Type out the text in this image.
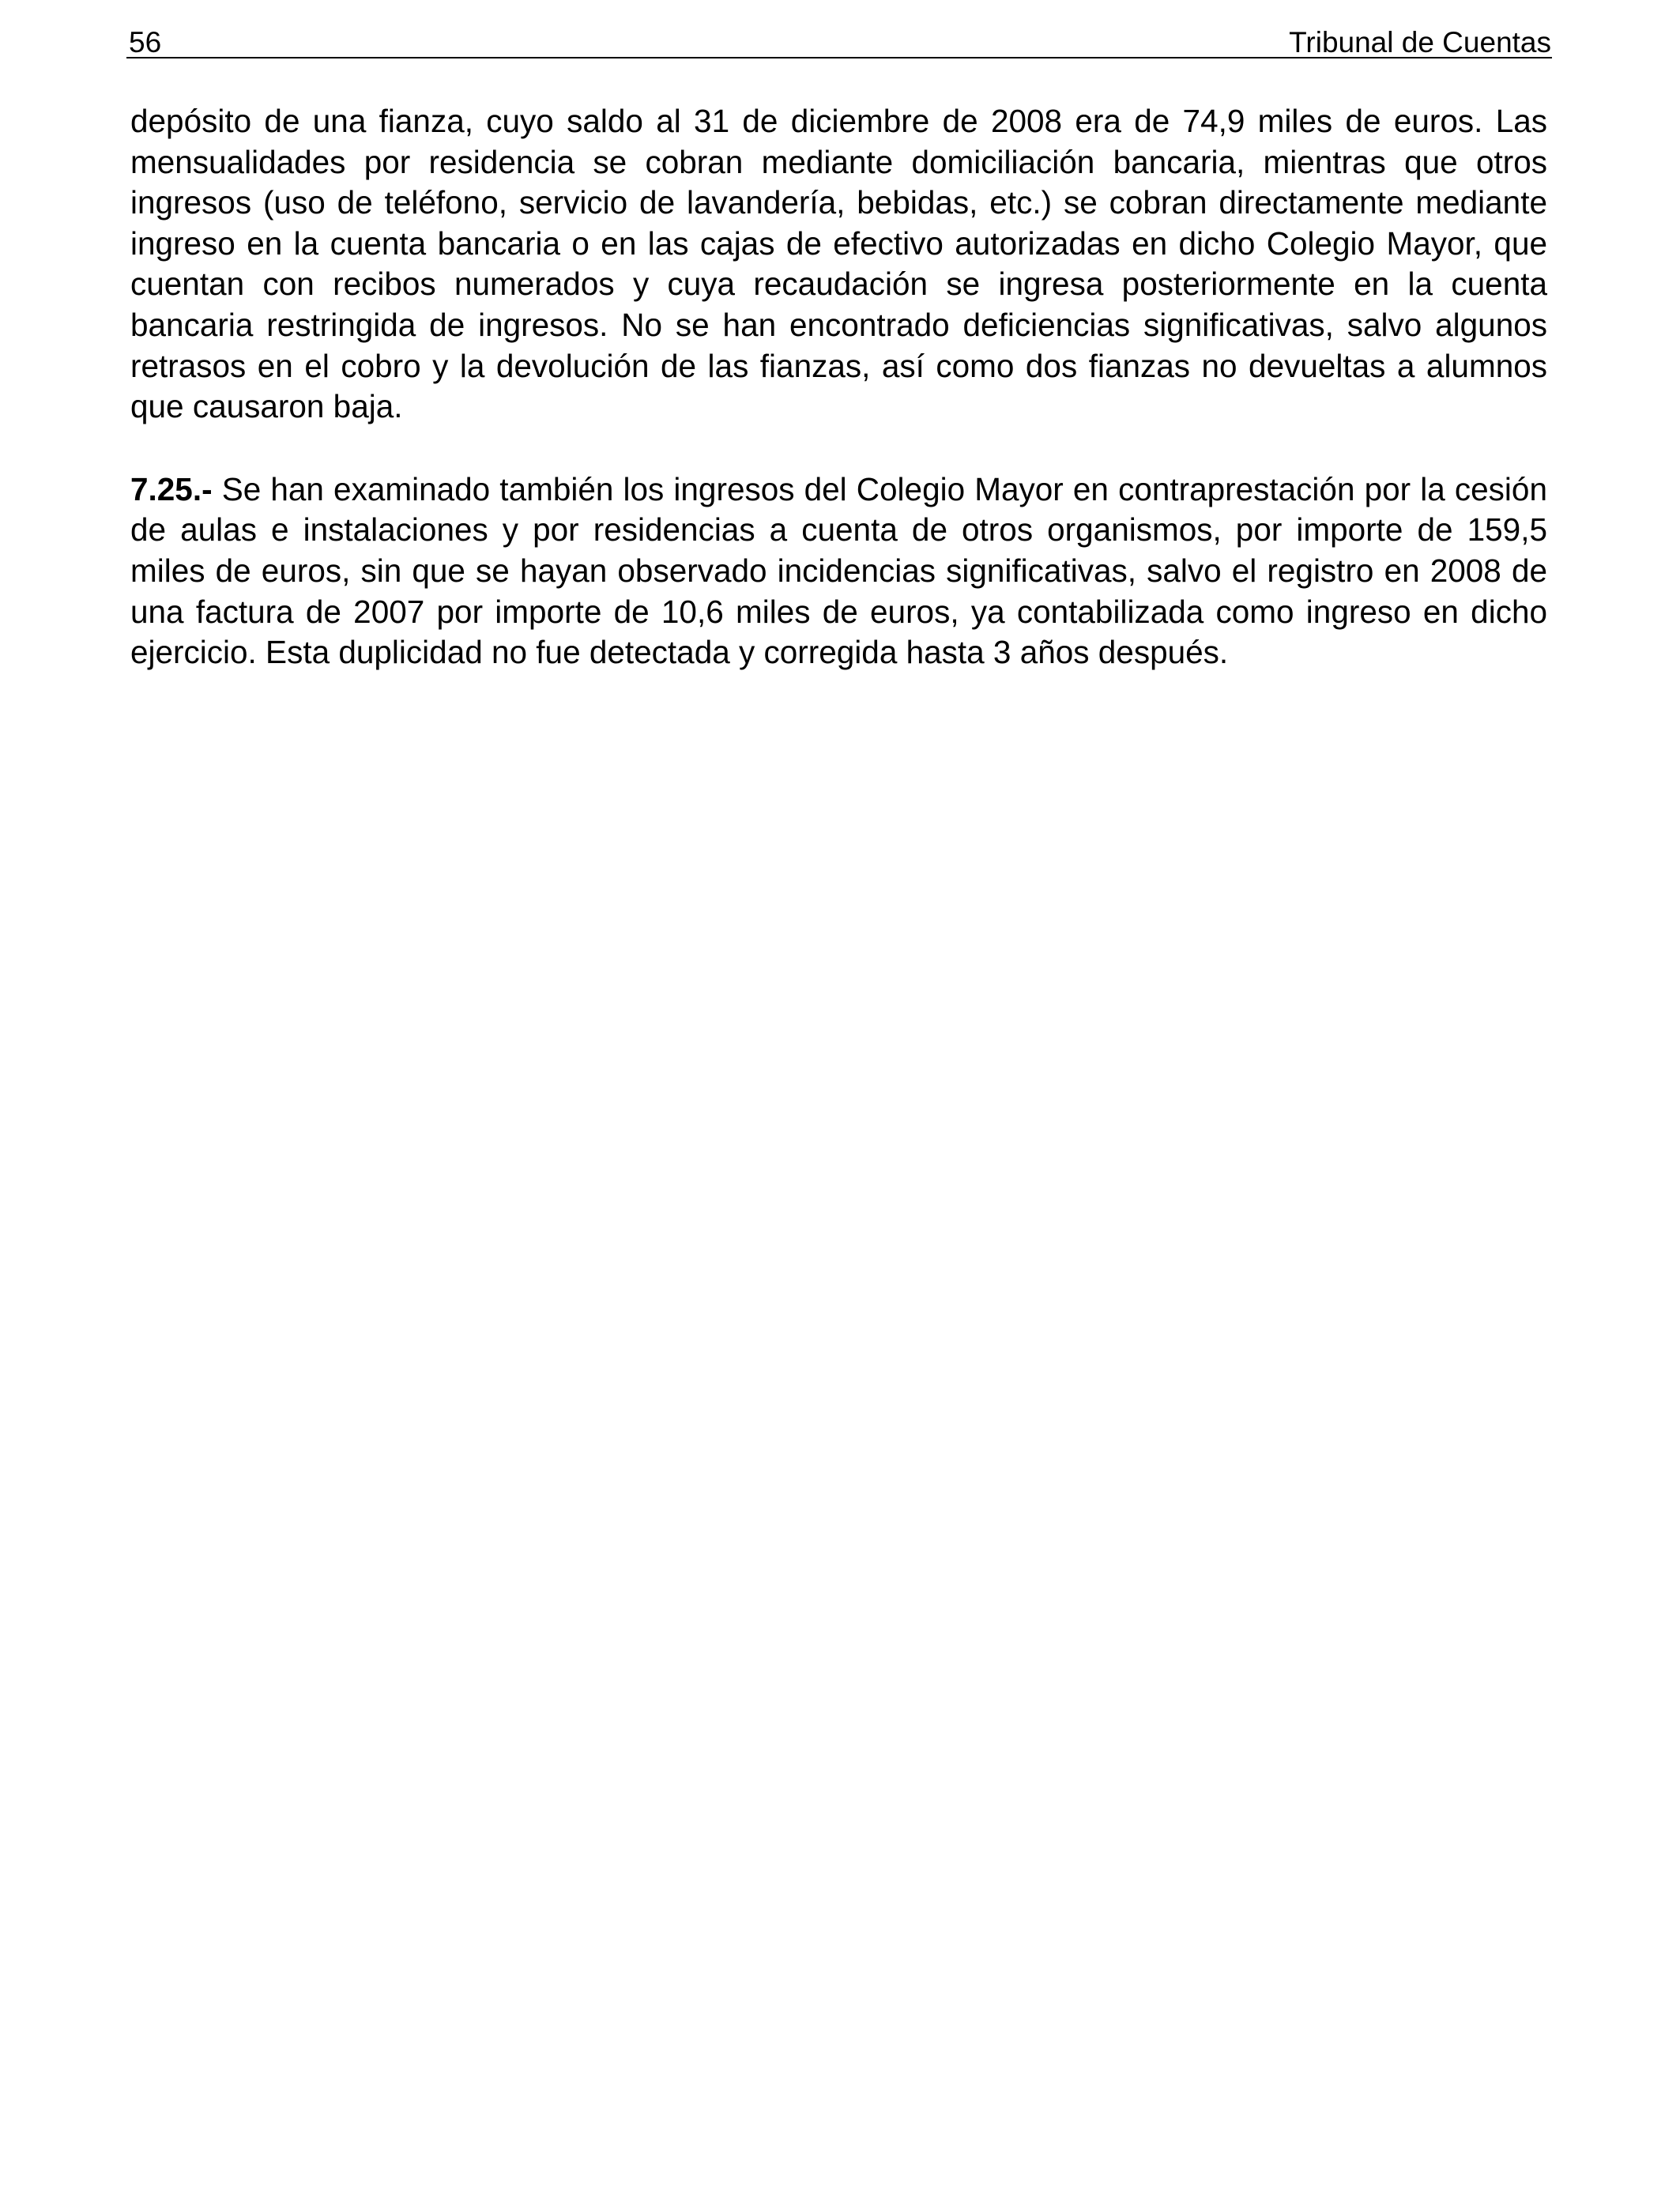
56	Tribunal de Cuentas

depósito de una fianza, cuyo saldo al 31 de diciembre de 2008 era de 74,9 miles de euros. Las mensualidades por residencia se cobran mediante domiciliación bancaria, mientras que otros ingresos (uso de teléfono, servicio de lavandería, bebidas, etc.) se cobran directamente mediante ingreso en la cuenta bancaria o en las cajas de efectivo autorizadas en dicho Colegio Mayor, que cuentan con recibos numerados y cuya recaudación se ingresa posteriormente en la cuenta bancaria restringida de ingresos. No se han encontrado deficiencias significativas, salvo algunos retrasos en el cobro y la devolución de las fianzas, así como dos fianzas no devueltas a alumnos que causaron baja.

7.25.- Se han examinado también los ingresos del Colegio Mayor en contraprestación por la cesión de aulas e instalaciones y por residencias a cuenta de otros organismos, por importe de 159,5 miles de euros, sin que se hayan observado incidencias significativas, salvo el registro en 2008 de una factura de 2007 por importe de 10,6 miles de euros, ya contabilizada como ingreso en dicho ejercicio. Esta duplicidad no fue detectada y corregida hasta 3 años después.
